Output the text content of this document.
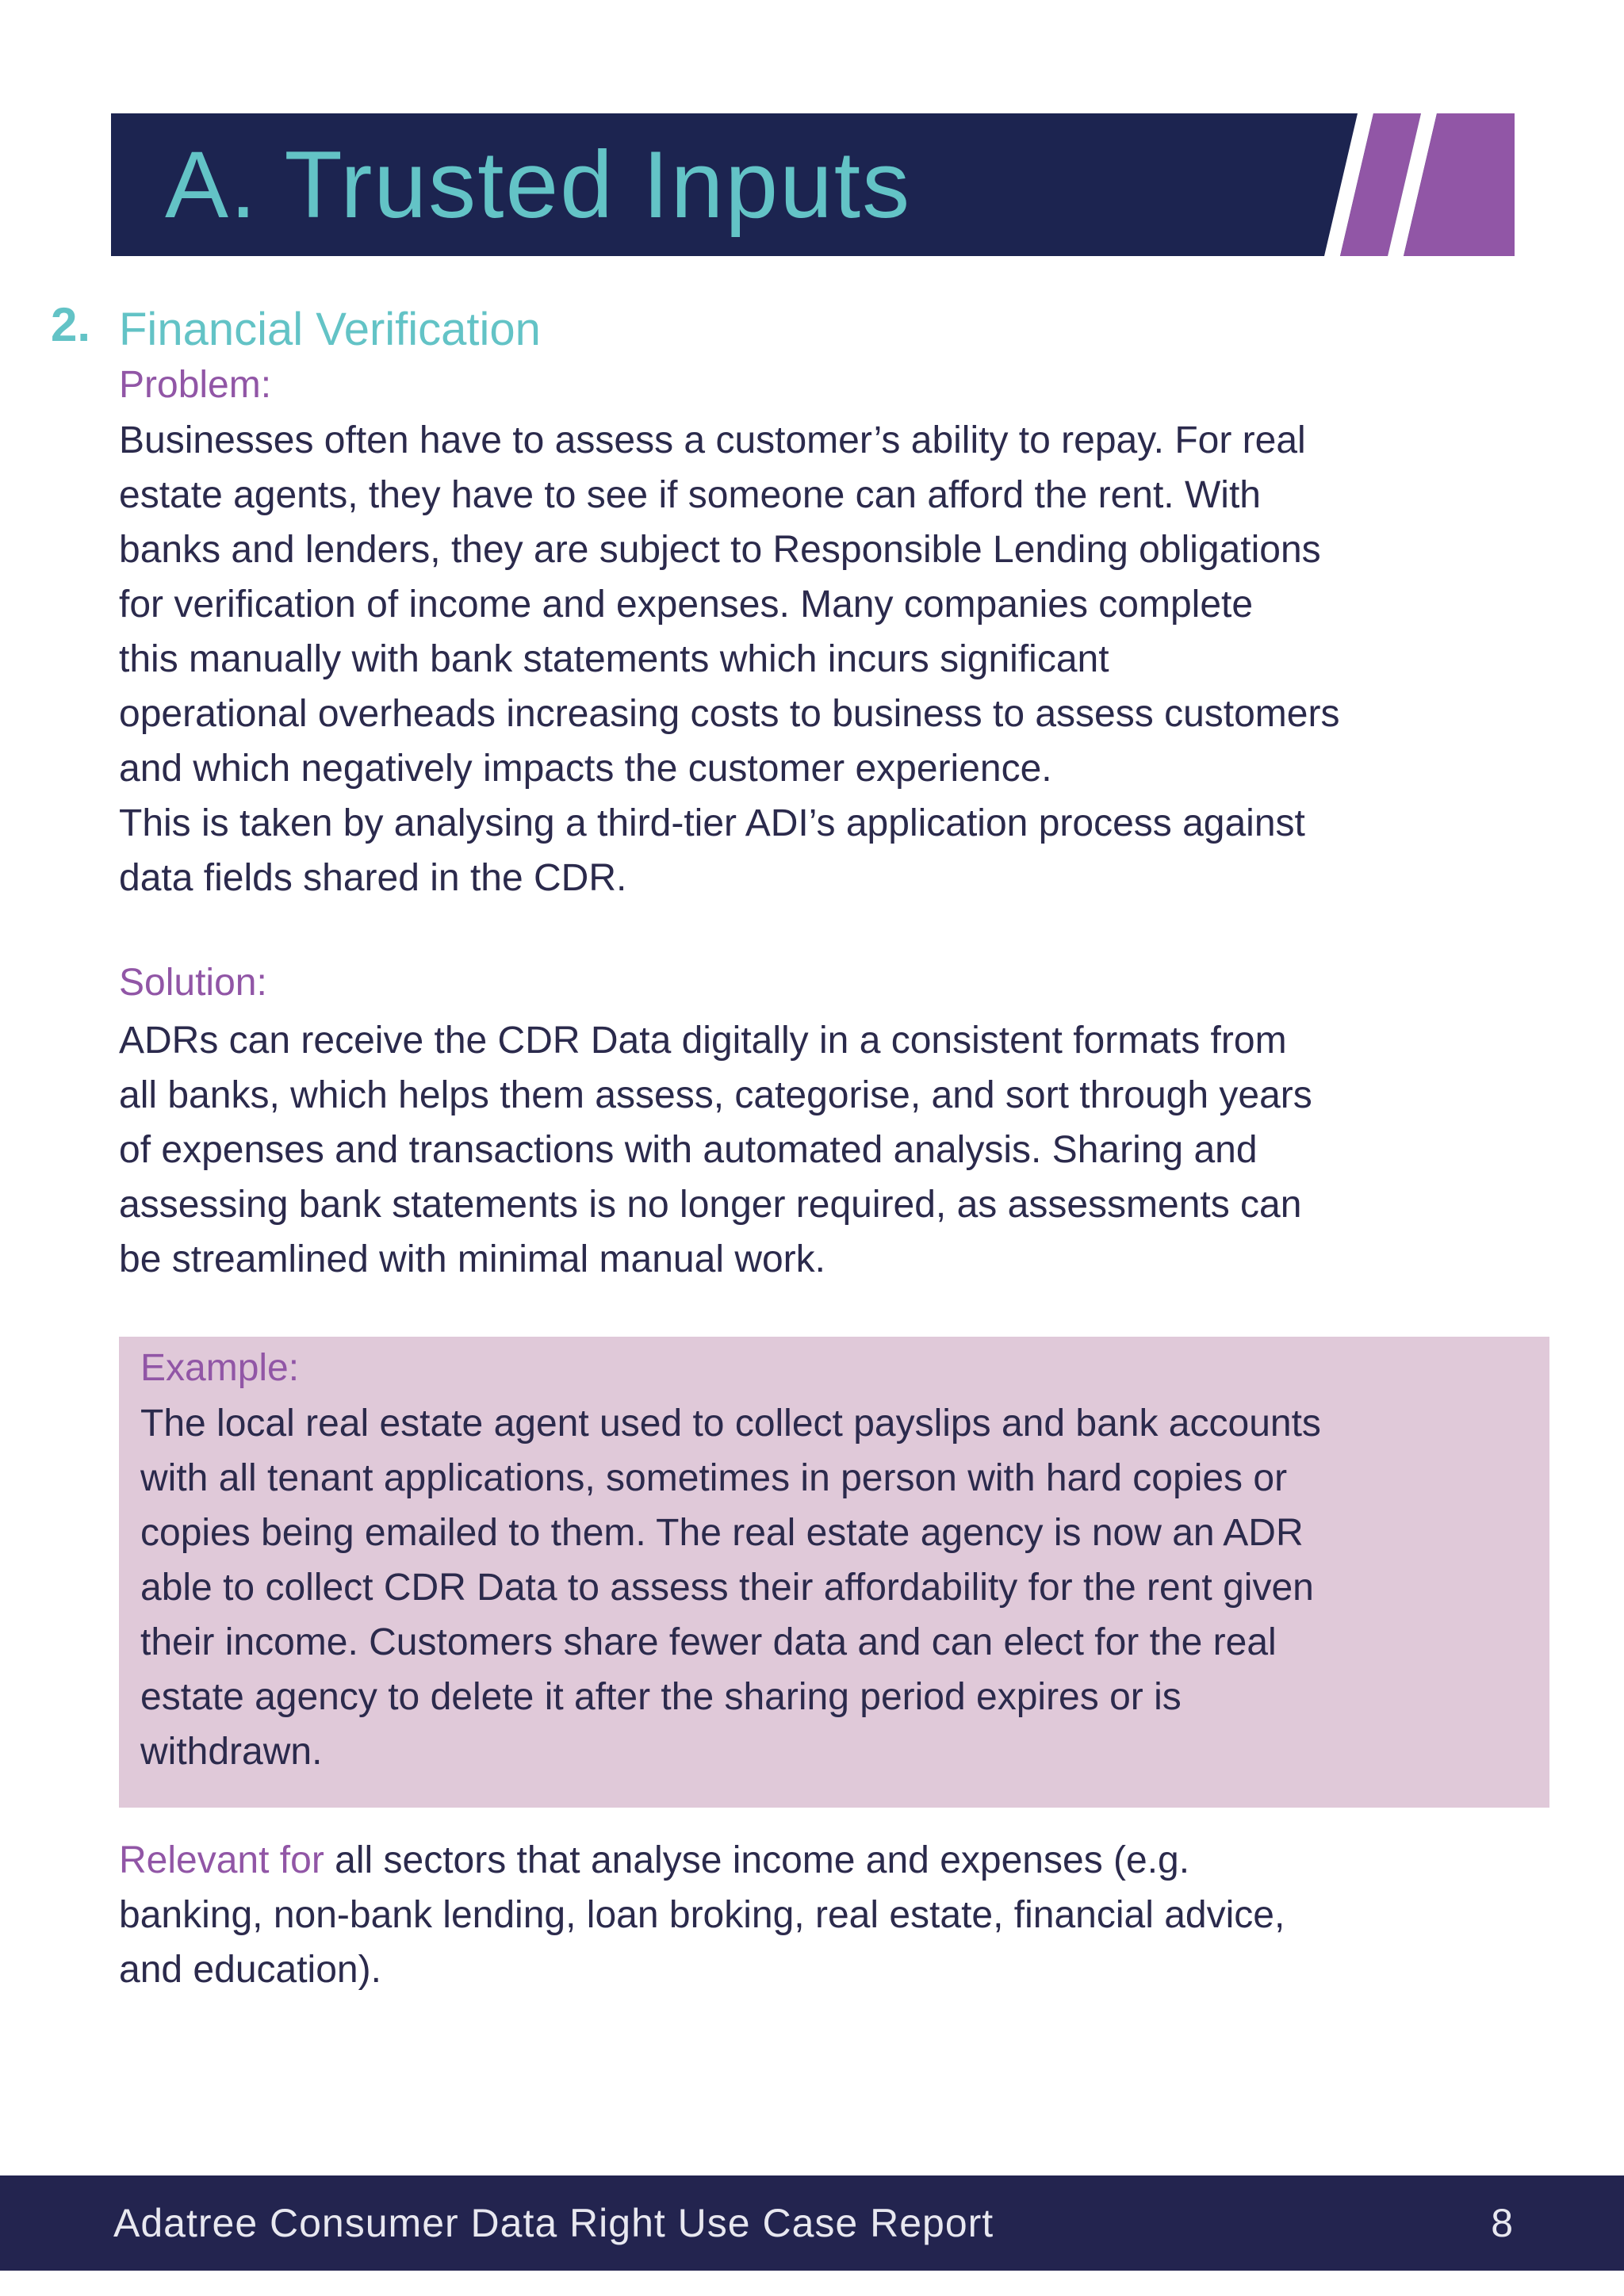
A. Trusted Inputs
2. Financial Verification
Problem:

Businesses often have to assess a customer’s ability to repay. For real

estate agents, they have to see if someone can afford the rent. With

banks and lenders, they are subject to Responsible Lending obligations

for verification of income and expenses. Many companies complete

this manually with bank statements which incurs significant

operational overheads increasing costs to business to assess customers

and which negatively impacts the customer experience.

This is taken by analysing a third-tier ADI’s application process against

data fields shared in the CDR.

Solution:

ADRs can receive the CDR Data digitally in a consistent formats from

all banks, which helps them assess, categorise, and sort through years

of expenses and transactions with automated analysis. Sharing and

assessing bank statements is no longer required, as assessments can

be streamlined with minimal manual work.

Example:

The local real estate agent used to collect payslips and bank accounts

with all tenant applications, sometimes in person with hard copies or

copies being emailed to them. The real estate agency is now an ADR

able to collect CDR Data to assess their affordability for the rent given

their income. Customers share fewer data and can elect for the real

estate agency to delete it after the sharing period expires or is

withdrawn.

Relevant for all sectors that analyse income and expenses (e.g.

banking, non-bank lending, loan broking, real estate, financial advice,

and education).

Adatree Consumer Data Right Use Case Report	8
